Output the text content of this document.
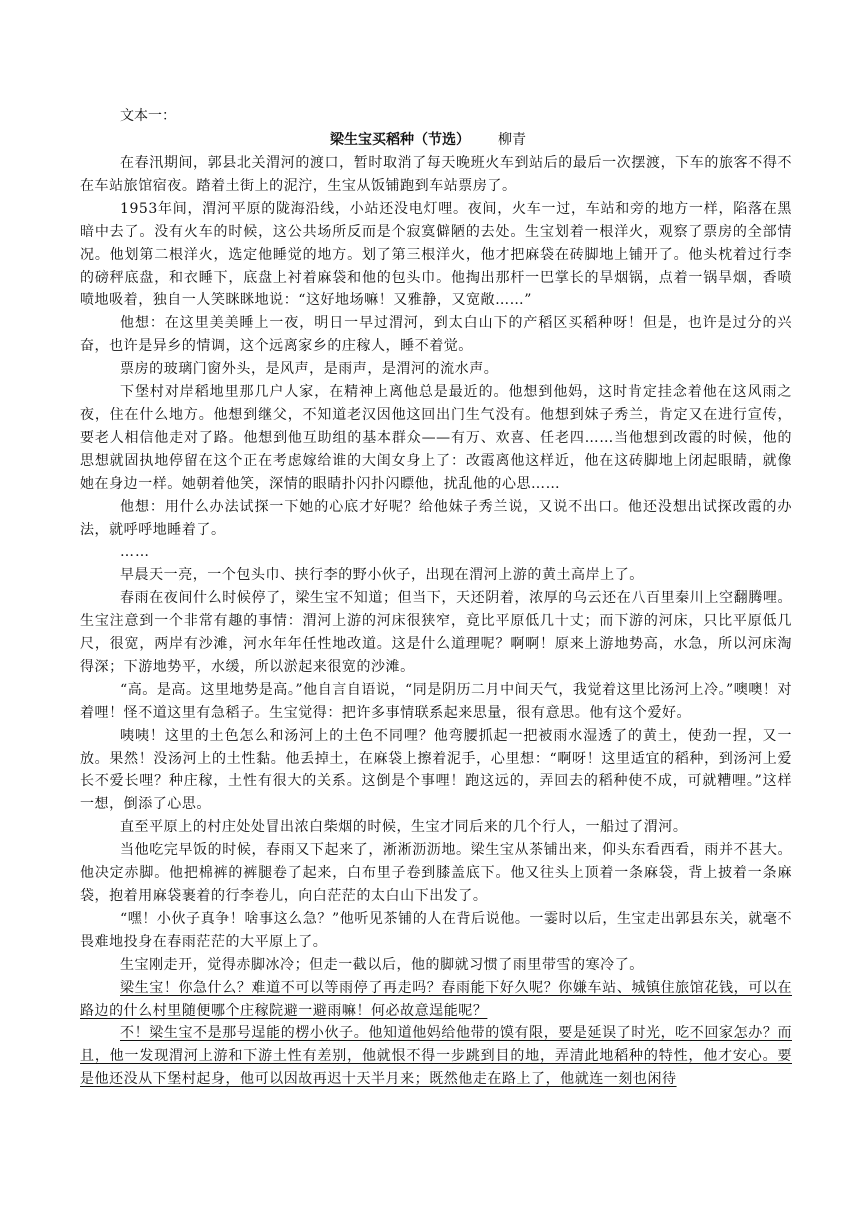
文本一：
梁生宝买稻种（节选） 柳青

在春汛期间，郭县北关渭河的渡口，暂时取消了每天晚班火车到站后的最后一次摆渡，下车的旅客不得不在车站旅馆宿夜。踏着土街上的泥泞，生宝从饭铺跑到车站票房了。

1953年间，渭河平原的陇海沿线，小站还没电灯哩。夜间，火车一过，车站和旁的地方一样，陷落在黑暗中去了。没有火车的时候，这公共场所反而是个寂寞僻陋的去处。生宝划着一根洋火，观察了票房的全部情况。他划第二根洋火，选定他睡觉的地方。划了第三根洋火，他才把麻袋在砖脚地上铺开了。他头枕着过行李的磅秤底盘，和衣睡下，底盘上衬着麻袋和他的包头巾。他掏出那杆一巴掌长的旱烟锅，点着一锅旱烟，香喷喷地吸着，独自一人笑眯眯地说：“这好地场嘛！又雅静，又宽敞……”

他想：在这里美美睡上一夜，明日一早过渭河，到太白山下的产稻区买稻种呀！但是，也许是过分的兴奋，也许是异乡的情调，这个远离家乡的庄稼人，睡不着觉。

票房的玻璃门窗外头，是风声，是雨声，是渭河的流水声。

下堡村对岸稻地里那几户人家，在精神上离他总是最近的。他想到他妈，这时肯定挂念着他在这风雨之夜，住在什么地方。他想到继父，不知道老汉因他这回出门生气没有。他想到妹子秀兰，肯定又在进行宣传，要老人相信他走对了路。他想到他互助组的基本群众——有万、欢喜、任老四……当他想到改霞的时候，他的思想就固执地停留在这个正在考虑嫁给谁的大闺女身上了：改霞离他这样近，他在这砖脚地上闭起眼睛，就像她在身边一样。她朝着他笑，深情的眼睛扑闪扑闪瞟他，扰乱他的心思……

他想：用什么办法试探一下她的心底才好呢？给他妹子秀兰说，又说不出口。他还没想出试探改霞的办法，就呼呼地睡着了。

……

早晨天一亮，一个包头巾、挟行李的野小伙子，出现在渭河上游的黄土高岸上了。

春雨在夜间什么时候停了，梁生宝不知道；但当下，天还阴着，浓厚的乌云还在八百里秦川上空翻腾哩。生宝注意到一个非常有趣的事情：渭河上游的河床很狭窄，竟比平原低几十丈；而下游的河床，只比平原低几尺，很宽，两岸有沙滩，河水年年任性地改道。这是什么道理呢？啊啊！原来上游地势高，水急，所以河床淘得深；下游地势平，水缓，所以淤起来很宽的沙滩。

“高。是高。这里地势是高。”他自言自语说，“同是阴历二月中间天气，我觉着这里比汤河上冷。”噢噢！对着哩！怪不道这里有急稻子。生宝觉得：把许多事情联系起来思量，很有意思。他有这个爱好。

咦咦！这里的土色怎么和汤河上的土色不同哩？他弯腰抓起一把被雨水湿透了的黄土，使劲一捏，又一放。果然！没汤河上的土性黏。他丢掉土，在麻袋上擦着泥手，心里想：“啊呀！这里适宜的稻种，到汤河上爱长不爱长哩？种庄稼，土性有很大的关系。这倒是个事哩！跑这远的，弄回去的稻种使不成，可就糟哩。”这样一想，倒添了心思。

直至平原上的村庄处处冒出浓白柴烟的时候，生宝才同后来的几个行人，一船过了渭河。

当他吃完早饭的时候，春雨又下起来了，淅淅沥沥地。梁生宝从茶铺出来，仰头东看西看，雨并不甚大。他决定赤脚。他把棉裤的裤腿卷了起来，白布里子卷到膝盖底下。他又往头上顶着一条麻袋，背上披着一条麻袋，抱着用麻袋裹着的行李卷儿，向白茫茫的太白山下出发了。

“嘿！小伙子真争！啥事这么急？”他听见茶铺的人在背后说他。一霎时以后，生宝走出郭县东关，就毫不畏难地投身在春雨茫茫的大平原上了。

生宝刚走开，觉得赤脚冰冷；但走一截以后，他的脚就习惯了雨里带雪的寒冷了。

梁生宝！你急什么？难道不可以等雨停了再走吗？春雨能下好久呢？你嫌车站、城镇住旅馆花钱，可以在路边的什么村里随便哪个庄稼院避一避雨嘛！何必故意逞能呢？

不！梁生宝不是那号逞能的楞小伙子。他知道他妈给他带的馍有限，要是延误了时光，吃不回家怎办？而且，他一发现渭河上游和下游土性有差别，他就恨不得一步跳到目的地，弄清此地稻种的特性，他才安心。要是他还没从下堡村起身，他可以因故再迟十天半月来；既然他走在路上了，他就连一刻也闲待
